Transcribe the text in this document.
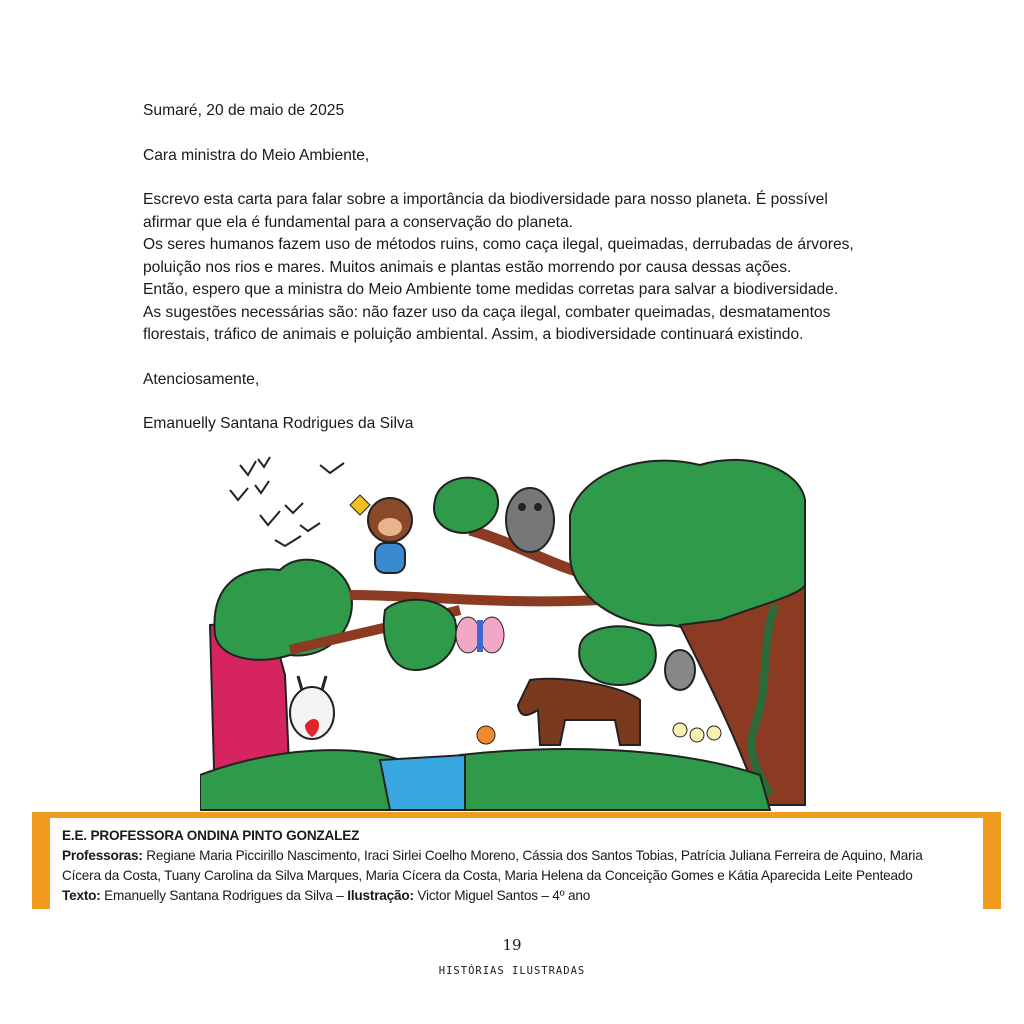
Sumaré, 20 de maio de 2025

Cara ministra do Meio Ambiente,

Escrevo esta carta para falar sobre a importância da biodiversidade para nosso planeta. É possível

afirmar que ela é fundamental para a conservação do planeta.

Os seres humanos fazem uso de métodos ruins, como caça ilegal, queimadas, derrubadas de árvores,

poluição nos rios e mares. Muitos animais e plantas estão morrendo por causa dessas ações.

Então, espero que a ministra do Meio Ambiente tome medidas corretas para salvar a biodiversidade.

As sugestões necessárias são: não fazer uso da caça ilegal, combater queimadas, desmatamentos

florestais, tráfico de animais e poluição ambiental. Assim, a biodiversidade continuará existindo.

Atenciosamente,

Emanuelly Santana Rodrigues da Silva

E.E. PROFESSORA ONDINA PINTO GONZALEZ
Professoras: Regiane Maria Piccirillo Nascimento, Iraci Sirlei Coelho Moreno, Cássia dos Santos Tobias, Patrícia Juliana Ferreira de Aquino, Maria
Cícera da Costa, Tuany Carolina da Silva Marques, Maria Cícera da Costa, Maria Helena da Conceição Gomes e Kátia Aparecida Leite Penteado
Texto: Emanuelly Santana Rodrigues da Silva – Ilustração: Victor Miguel Santos – 4º ano
19
HISTÓRIAS ILUSTRADAS
